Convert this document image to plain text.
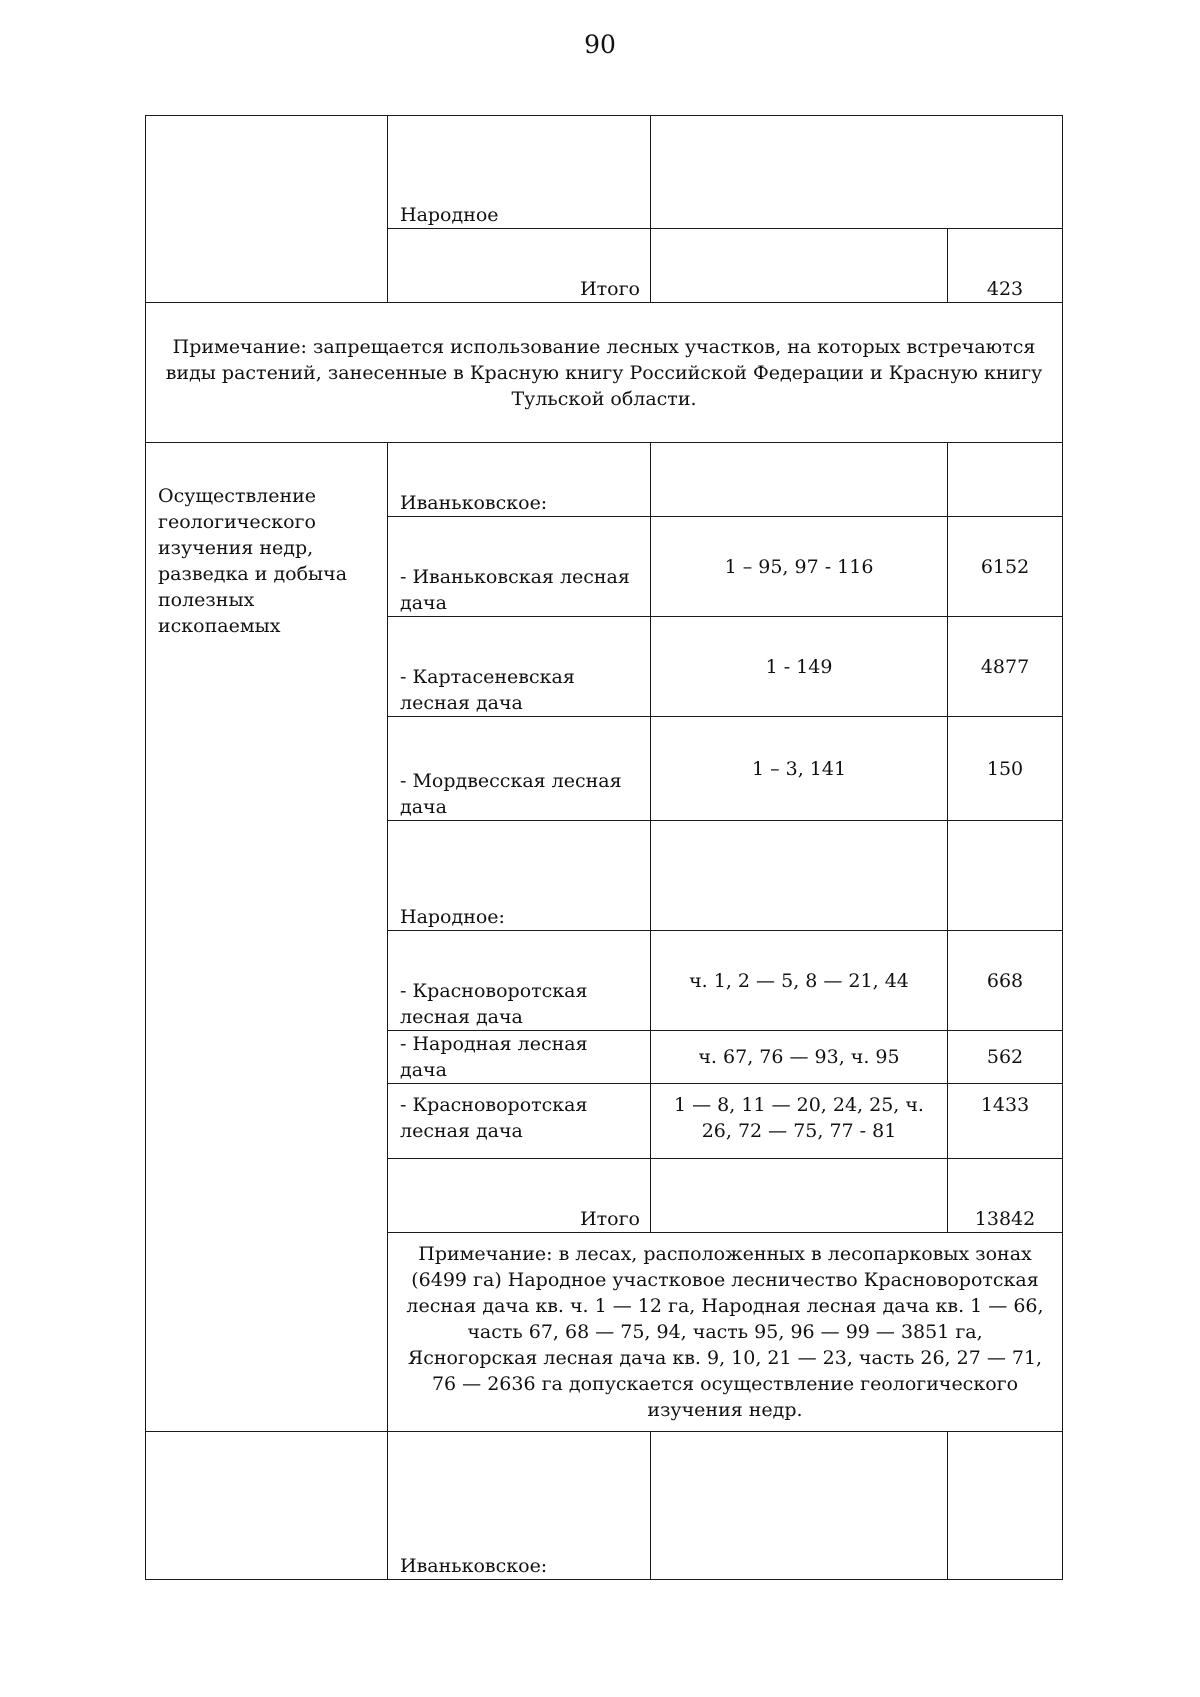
90
	Народное		
	Итого		423
Примечание: запрещается использование лесных участков, на которых встречаются виды растений, занесенные в Красную книгу Российской Федерации и Красную книгу Тульской области.			
Осуществление геологического изучения недр, разведка и добыча полезных ископаемых	Иваньковское:		
	- Иваньковская лесная дача	1 – 95, 97 - 116	6152
	- Картасеневская лесная дача	1 - 149	4877
	- Мордвесская лесная дача	1 – 3, 141	150
	Народное:		
	- Красноворотская лесная дача	ч. 1, 2 — 5, 8 — 21, 44	668
	- Народная лесная дача	ч. 67, 76 — 93, ч. 95	562
	- Красноворотская лесная дача	1 — 8, 11 — 20, 24, 25, ч. 26, 72 — 75, 77 - 81	1433
	Итого		13842
	Примечание: в лесах, расположенных в лесопарковых зонах (6499 га) Народное участковое лесничество Красноворотская лесная дача кв. ч. 1 — 12 га, Народная лесная дача кв. 1 — 66, часть 67, 68 — 75, 94, часть 95, 96 — 99 — 3851 га, Ясногорская лесная дача кв. 9, 10, 21 — 23, часть 26, 27 — 71, 76 — 2636 га допускается осуществление геологического изучения недр.		
	Иваньковское:		
